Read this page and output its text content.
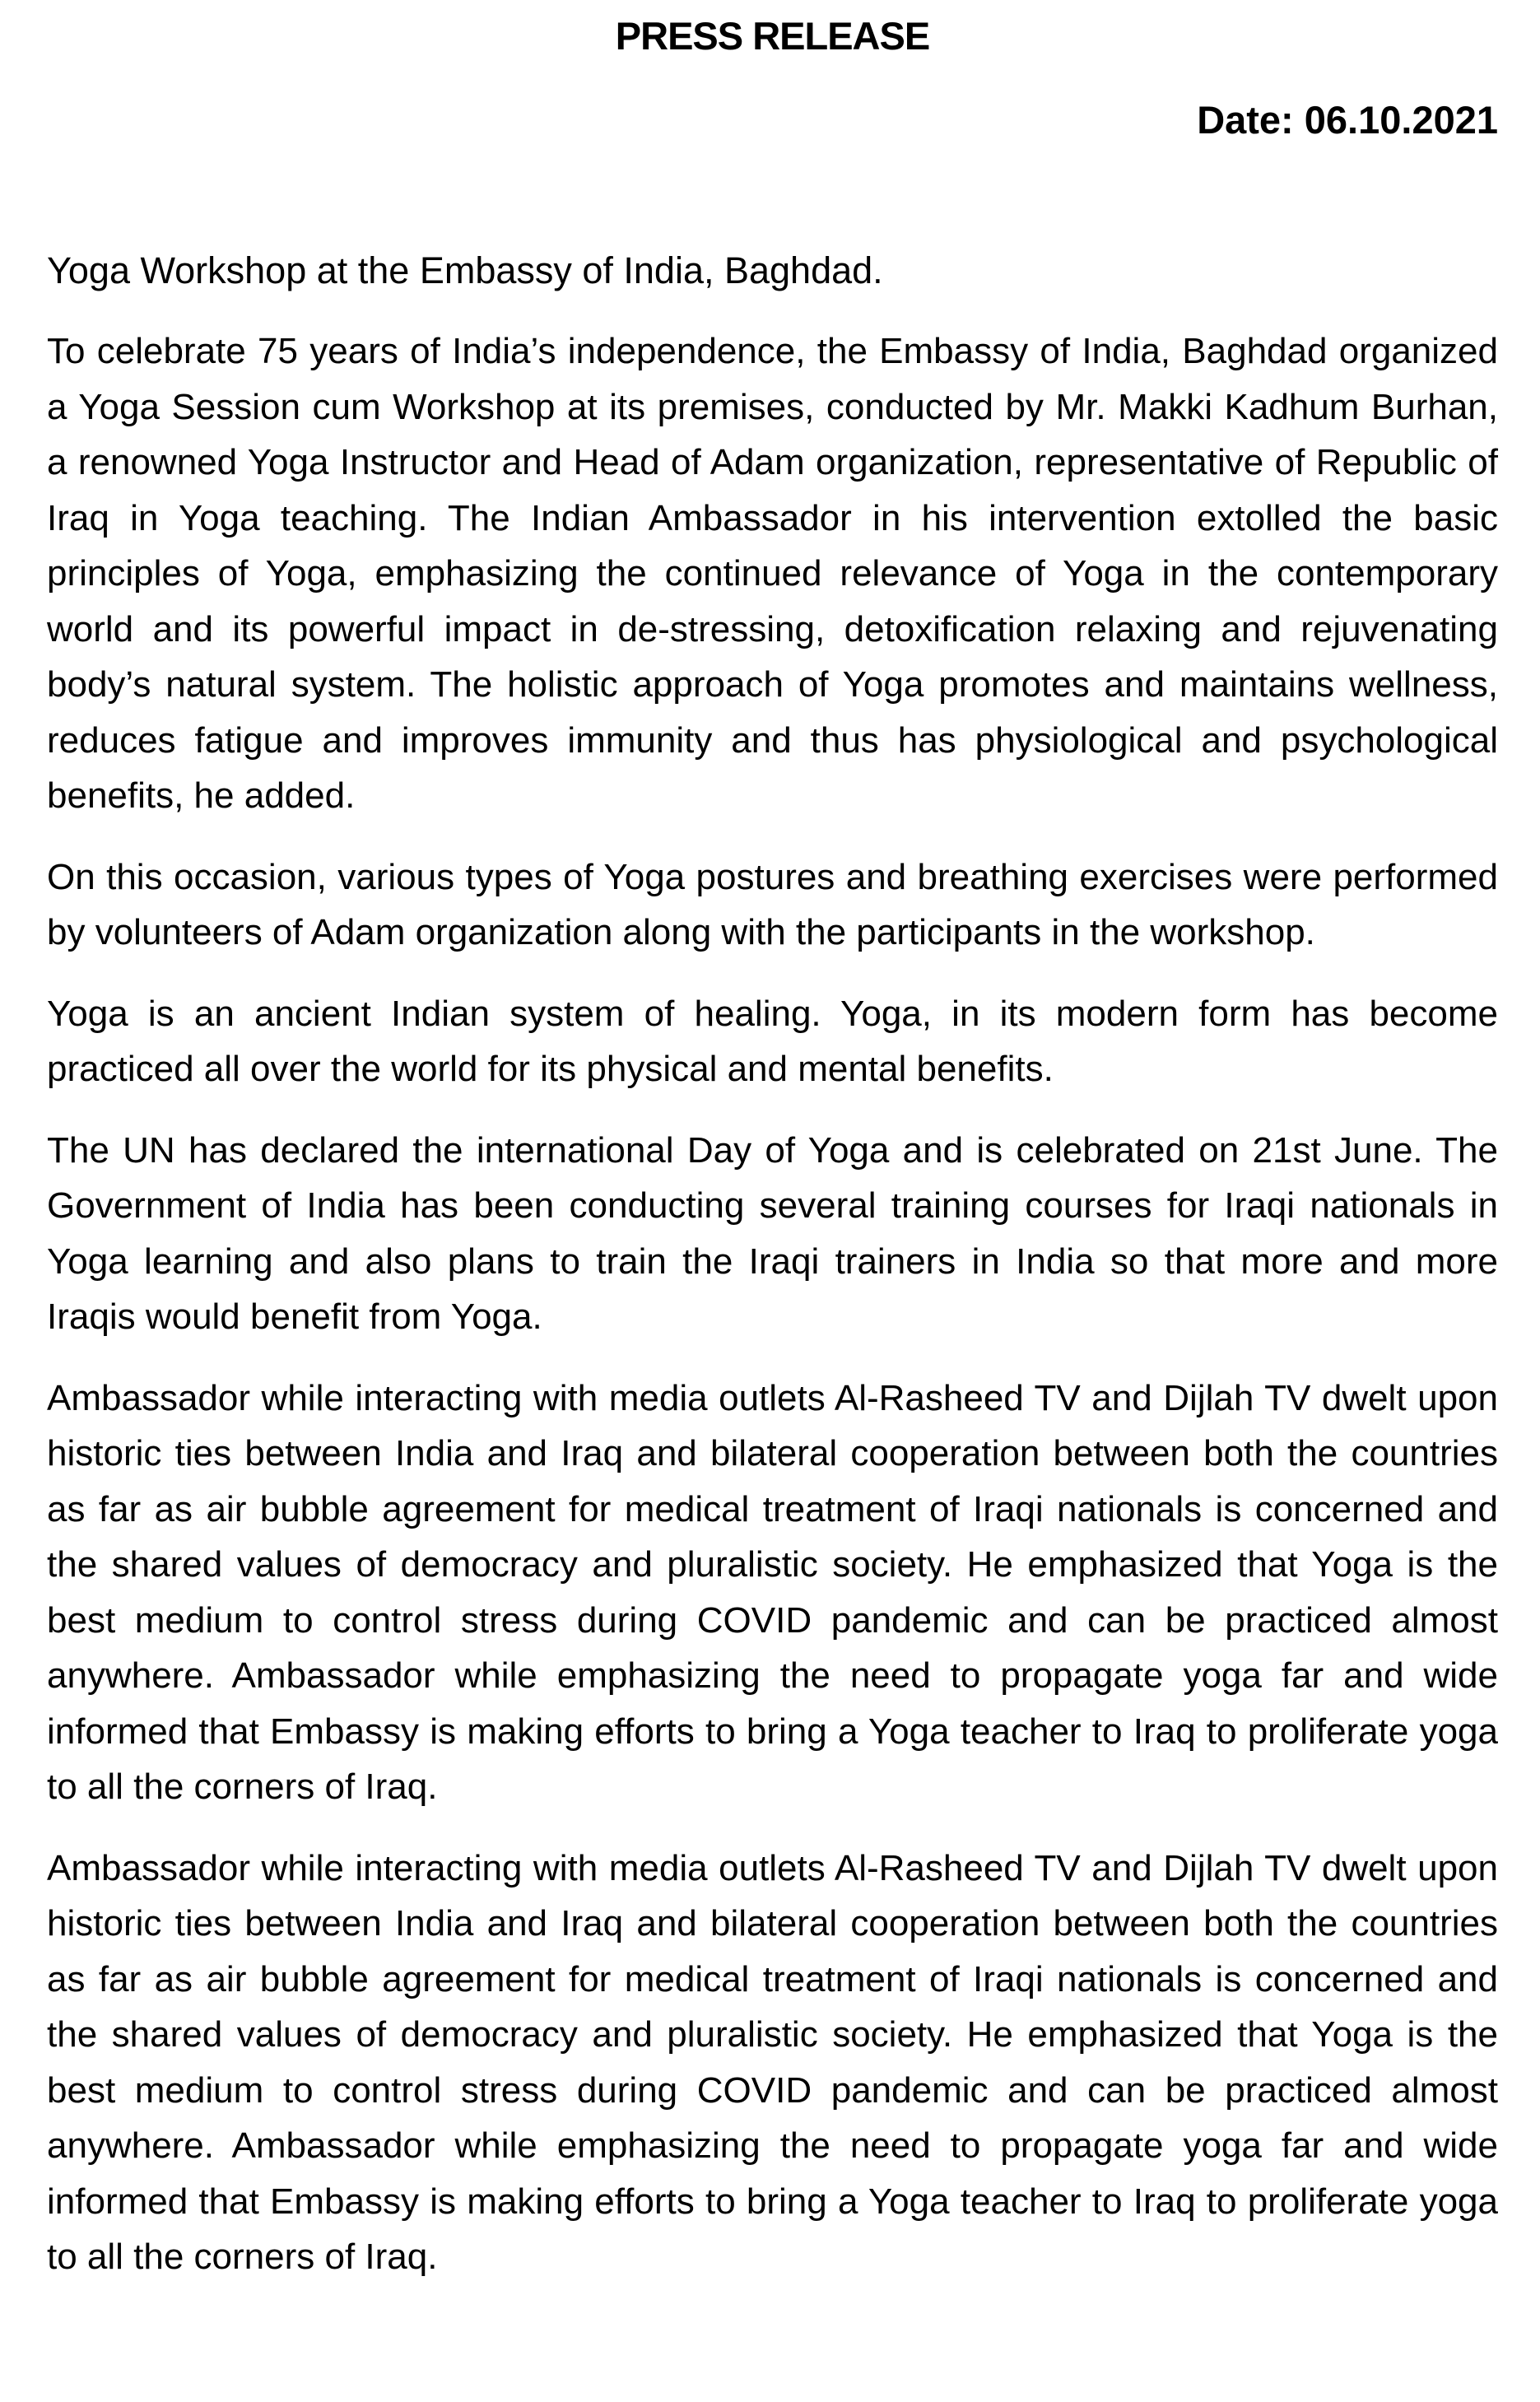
PRESS RELEASE
Date: 06.10.2021
Yoga Workshop at the Embassy of India, Baghdad.

To celebrate 75 years of India’s independence, the Embassy of India, Baghdad organized a Yoga Session cum Workshop at its premises, conducted by Mr. Makki Kadhum Burhan, a renowned Yoga Instructor and Head of Adam organization, representative of Republic of Iraq in Yoga teaching. The Indian Ambassador in his intervention extolled the basic principles of Yoga, emphasizing the continued relevance of Yoga in the contemporary world and its powerful impact in de-stressing, detoxification relaxing and rejuvenating body’s natural system. The holistic approach of Yoga promotes and maintains wellness, reduces fatigue and improves immunity and thus has physiological and psychological benefits, he added.

On this occasion, various types of Yoga postures and breathing exercises were performed by volunteers of Adam organization along with the participants in the workshop.

Yoga is an ancient Indian system of healing. Yoga, in its modern form has become practiced all over the world for its physical and mental benefits.

The UN has declared the international Day of Yoga and is celebrated on 21st June. The Government of India has been conducting several training courses for Iraqi nationals in Yoga learning and also plans to train the Iraqi trainers in India so that more and more Iraqis would benefit from Yoga.

Ambassador while interacting with media outlets Al-Rasheed TV and Dijlah TV dwelt upon historic ties between India and Iraq and bilateral cooperation between both the countries as far as air bubble agreement for medical treatment of Iraqi nationals is concerned and the shared values of democracy and pluralistic society. He emphasized that Yoga is the best medium to control stress during COVID pandemic and can be practiced almost anywhere. Ambassador while emphasizing the need to propagate yoga far and wide informed that Embassy is making efforts to bring a Yoga teacher to Iraq to proliferate yoga to all the corners of Iraq.

Ambassador while interacting with media outlets Al-Rasheed TV and Dijlah TV dwelt upon historic ties between India and Iraq and bilateral cooperation between both the countries as far as air bubble agreement for medical treatment of Iraqi nationals is concerned and the shared values of democracy and pluralistic society. He emphasized that Yoga is the best medium to control stress during COVID pandemic and can be practiced almost anywhere. Ambassador while emphasizing the need to propagate yoga far and wide informed that Embassy is making efforts to bring a Yoga teacher to Iraq to proliferate yoga to all the corners of Iraq.
